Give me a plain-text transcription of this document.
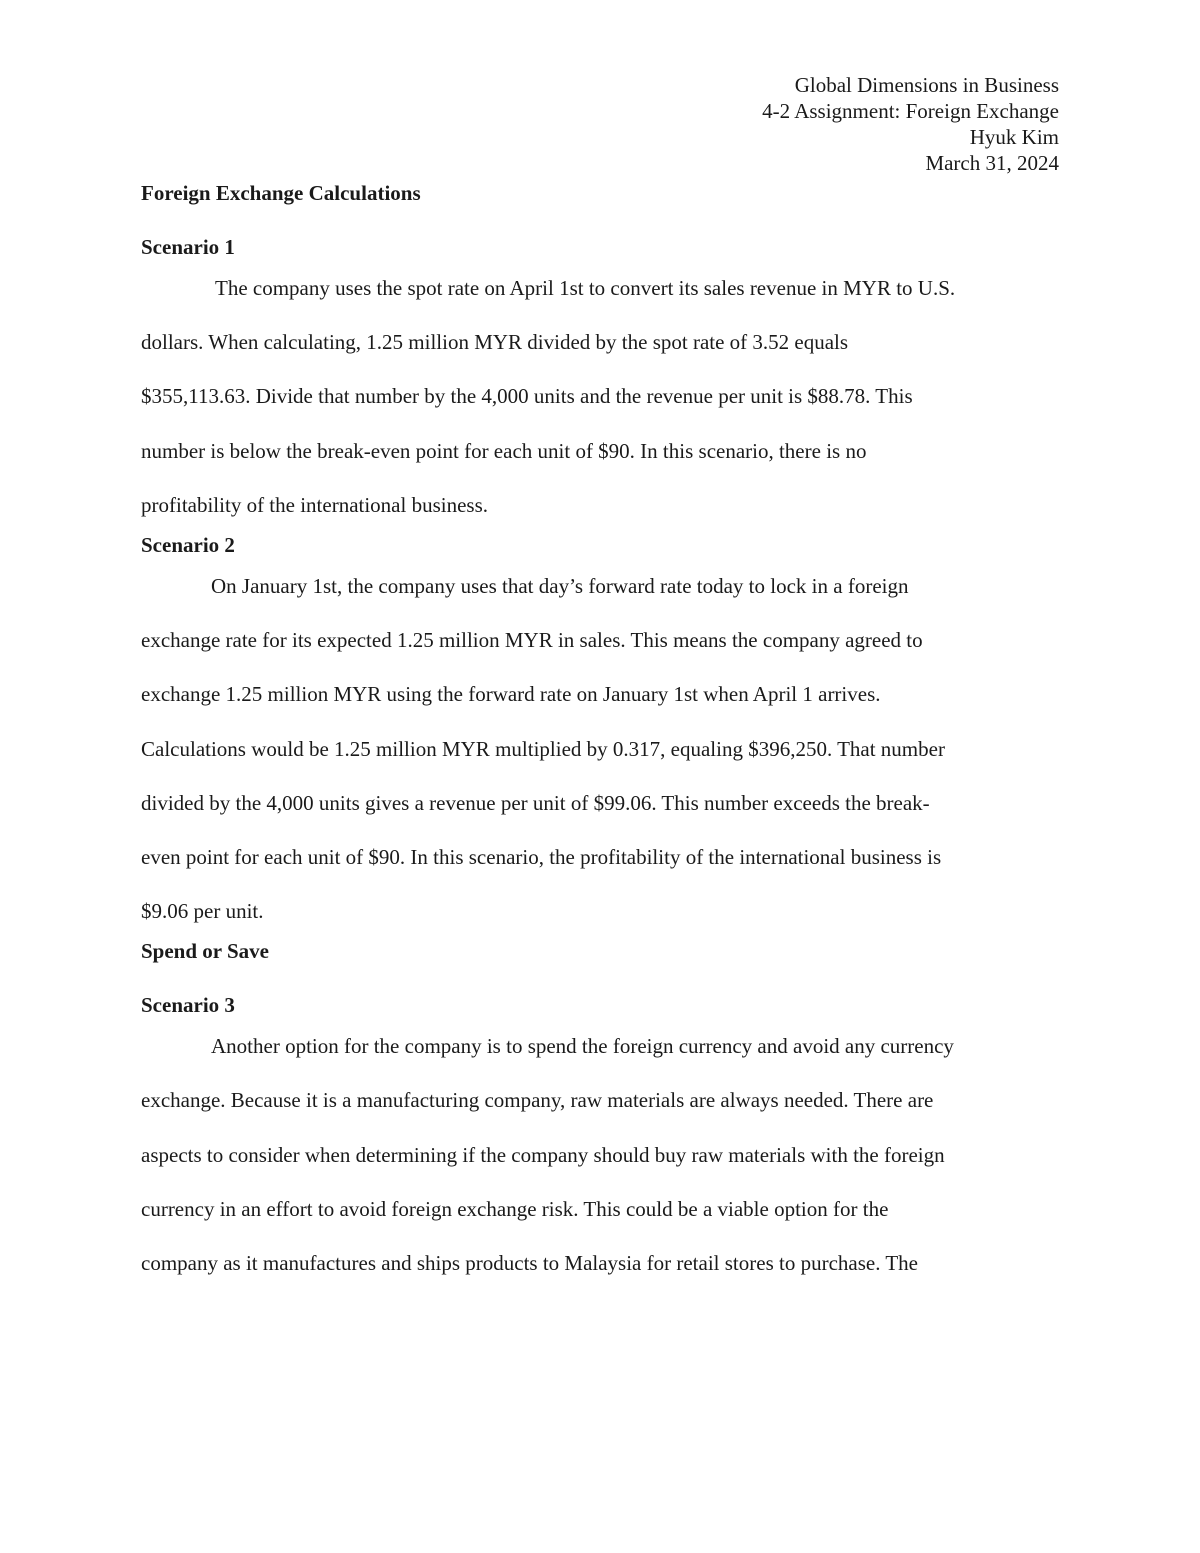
Global Dimensions in Business
4-2 Assignment: Foreign Exchange
Hyuk Kim
March 31, 2024
Foreign Exchange Calculations
Scenario 1
The company uses the spot rate on April 1st to convert its sales revenue in MYR to U.S.
dollars. When calculating, 1.25 million MYR divided by the spot rate of 3.52 equals
$355,113.63. Divide that number by the 4,000 units and the revenue per unit is $88.78. This
number is below the break-even point for each unit of $90. In this scenario, there is no
profitability of the international business.
Scenario 2
On January 1st, the company uses that day’s forward rate today to lock in a foreign
exchange rate for its expected 1.25 million MYR in sales. This means the company agreed to
exchange 1.25 million MYR using the forward rate on January 1st when April 1 arrives.
Calculations would be 1.25 million MYR multiplied by 0.317, equaling $396,250. That number
divided by the 4,000 units gives a revenue per unit of $99.06. This number exceeds the break-
even point for each unit of $90. In this scenario, the profitability of the international business is
$9.06 per unit.
Spend or Save
Scenario 3
Another option for the company is to spend the foreign currency and avoid any currency
exchange. Because it is a manufacturing company, raw materials are always needed. There are
aspects to consider when determining if the company should buy raw materials with the foreign
currency in an effort to avoid foreign exchange risk. This could be a viable option for the
company as it manufactures and ships products to Malaysia for retail stores to purchase. The
